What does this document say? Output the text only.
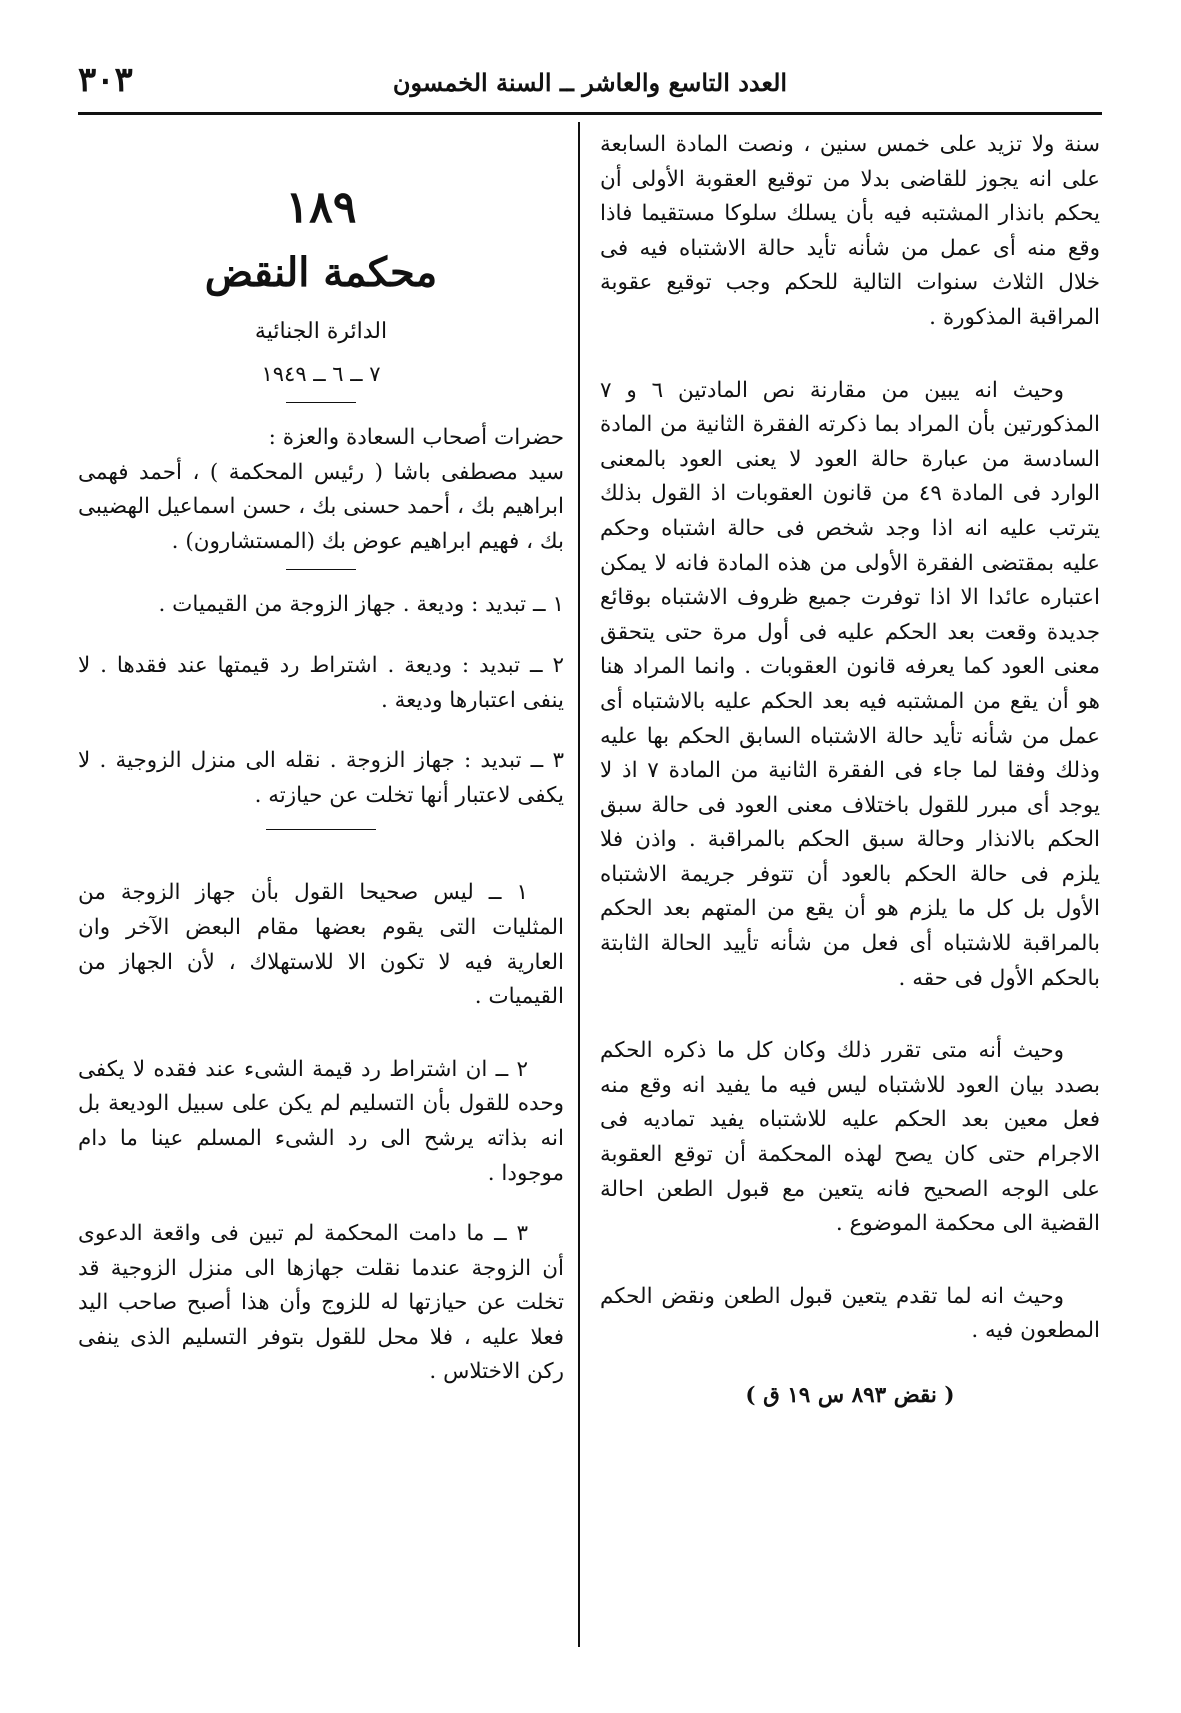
العدد التاسع والعاشر ــ السنة الخمسون
٣٠٣

سنة ولا تزيد على خمس سنين ، ونصت المادة السابعة على انه يجوز للقاضى بدلا من توقيع العقوبة الأولى أن يحكم بانذار المشتبه فيه بأن يسلك سلوكا مستقيما فاذا وقع منه أى عمل من شأنه تأيد حالة الاشتباه فيه فى خلال الثلاث سنوات التالية للحكم وجب توقيع عقوبة المراقبة المذكورة .

وحيث انه يبين من مقارنة نص المادتين ٦ و ٧ المذكورتين بأن المراد بما ذكرته الفقرة الثانية من المادة السادسة من عبارة حالة العود لا يعنى العود بالمعنى الوارد فى المادة ٤٩ من قانون العقوبات اذ القول بذلك يترتب عليه انه اذا وجد شخص فى حالة اشتباه وحكم عليه بمقتضى الفقرة الأولى من هذه المادة فانه لا يمكن اعتباره عائدا الا اذا توفرت جميع ظروف الاشتباه بوقائع جديدة وقعت بعد الحكم عليه فى أول مرة حتى يتحقق معنى العود كما يعرفه قانون العقوبات . وانما المراد هنا هو أن يقع من المشتبه فيه بعد الحكم عليه بالاشتباه أى عمل من شأنه تأيد حالة الاشتباه السابق الحكم بها عليه وذلك وفقا لما جاء فى الفقرة الثانية من المادة ٧ اذ لا يوجد أى مبرر للقول باختلاف معنى العود فى حالة سبق الحكم بالانذار وحالة سبق الحكم بالمراقبة . واذن فلا يلزم فى حالة الحكم بالعود أن تتوفر جريمة الاشتباه الأول بل كل ما يلزم هو أن يقع من المتهم بعد الحكم بالمراقبة للاشتباه أى فعل من شأنه تأييد الحالة الثابتة بالحكم الأول فى حقه .

وحيث أنه متى تقرر ذلك وكان كل ما ذكره الحكم بصدد بيان العود للاشتباه ليس فيه ما يفيد انه وقع منه فعل معين بعد الحكم عليه للاشتباه يفيد تماديه فى الاجرام حتى كان يصح لهذه المحكمة أن توقع العقوبة على الوجه الصحيح فانه يتعين مع قبول الطعن احالة القضية الى محكمة الموضوع .

وحيث انه لما تقدم يتعين قبول الطعن ونقض الحكم المطعون فيه .

( نقض ٨٩٣ س ١٩ ق )

١٨٩

محكمة النقض

الدائرة الجنائية

٧ ــ ٦ ــ ١٩٤٩

حضرات أصحاب السعادة والعزة :

سيد مصطفى باشا ( رئيس المحكمة ) ، أحمد فهمى ابراهيم بك ، أحمد حسنى بك ، حسن اسماعيل الهضيبى بك ، فهيم ابراهيم عوض بك (المستشارون) .

١ ــ تبديد : وديعة . جهاز الزوجة من القيميات .

٢ ــ تبديد : وديعة . اشتراط رد قيمتها عند فقدها . لا ينفى اعتبارها وديعة .

٣ ــ تبديد : جهاز الزوجة . نقله الى منزل الزوجية . لا يكفى لاعتبار أنها تخلت عن حيازته .

١ ــ ليس صحيحا القول بأن جهاز الزوجة من المثليات التى يقوم بعضها مقام البعض الآخر وان العارية فيه لا تكون الا للاستهلاك ، لأن الجهاز من القيميات .

٢ ــ ان اشتراط رد قيمة الشىء عند فقده لا يكفى وحده للقول بأن التسليم لم يكن على سبيل الوديعة بل انه بذاته يرشح الى رد الشىء المسلم عينا ما دام موجودا .

٣ ــ ما دامت المحكمة لم تبين فى واقعة الدعوى أن الزوجة عندما نقلت جهازها الى منزل الزوجية قد تخلت عن حيازتها له للزوج وأن هذا أصبح صاحب اليد فعلا عليه ، فلا محل للقول بتوفر التسليم الذى ينفى ركن الاختلاس .
